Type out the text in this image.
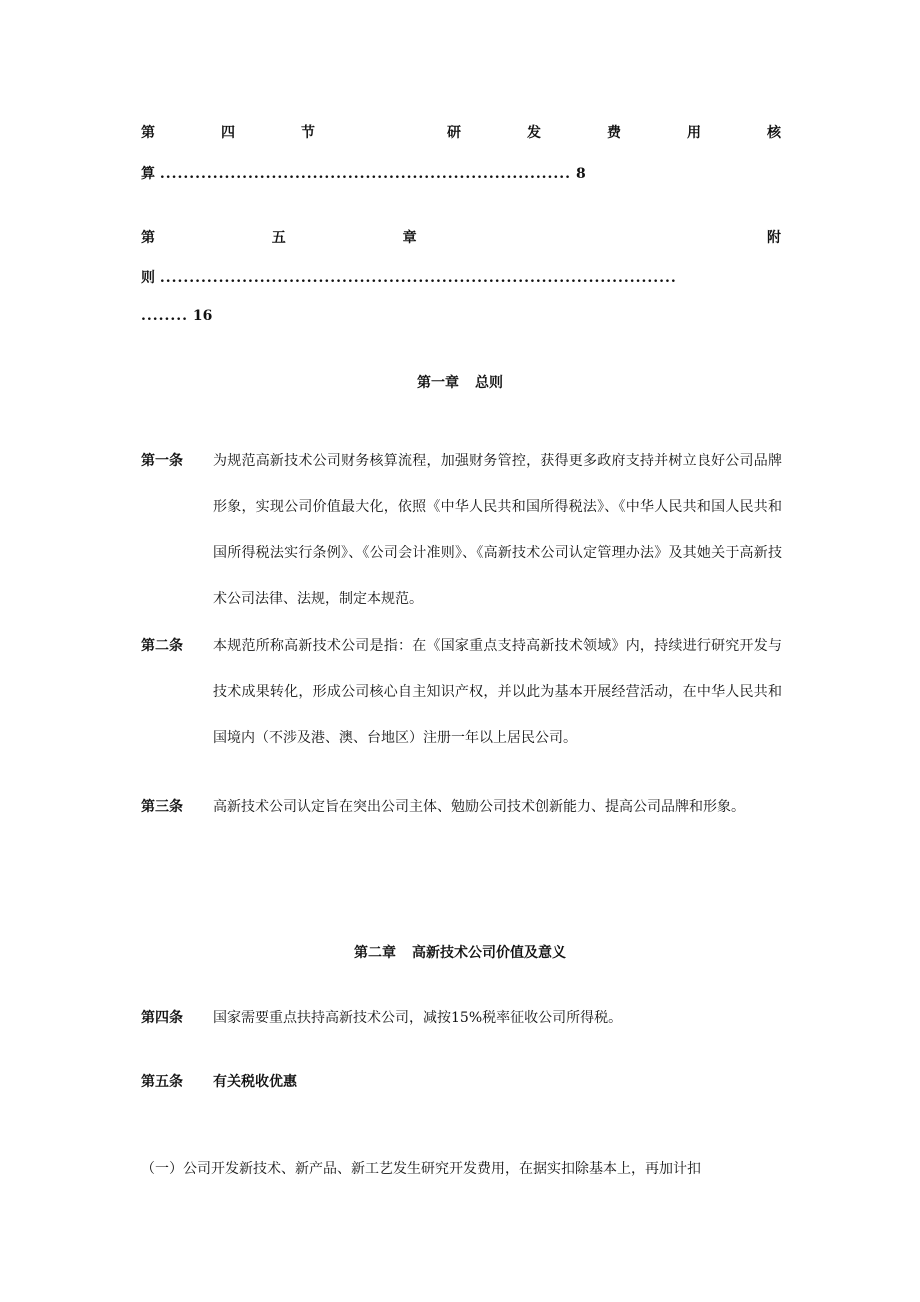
第	四	节	研	发	费	用	核
算 ...................................................................... 8
第	五	章	附
则 ........................................................................................
........ 16
第一章 总则
第一条 为规范高新技术公司财务核算流程，加强财务管控，获得更多政府支持并树立良好公司品牌形象，实现公司价值最大化，依照《中华人民共和国所得税法》、《中华人民共和国人民共和国所得税法实行条例》、《公司会计准则》、《高新技术公司认定管理办法》及其她关于高新技术公司法律、法规，制定本规范。
第二条 本规范所称高新技术公司是指：在《国家重点支持高新技术领域》内，持续进行研究开发与技术成果转化，形成公司核心自主知识产权，并以此为基本开展经营活动，在中华人民共和国境内（不涉及港、澳、台地区）注册一年以上居民公司。
第三条 高新技术公司认定旨在突出公司主体、勉励公司技术创新能力、提高公司品牌和形象。
第二章 高新技术公司价值及意义
第四条 国家需要重点扶持高新技术公司，减按15%税率征收公司所得税。
第五条 有关税收优惠
（一）公司开发新技术、新产品、新工艺发生研究开发费用，在据实扣除基本上，再加计扣
